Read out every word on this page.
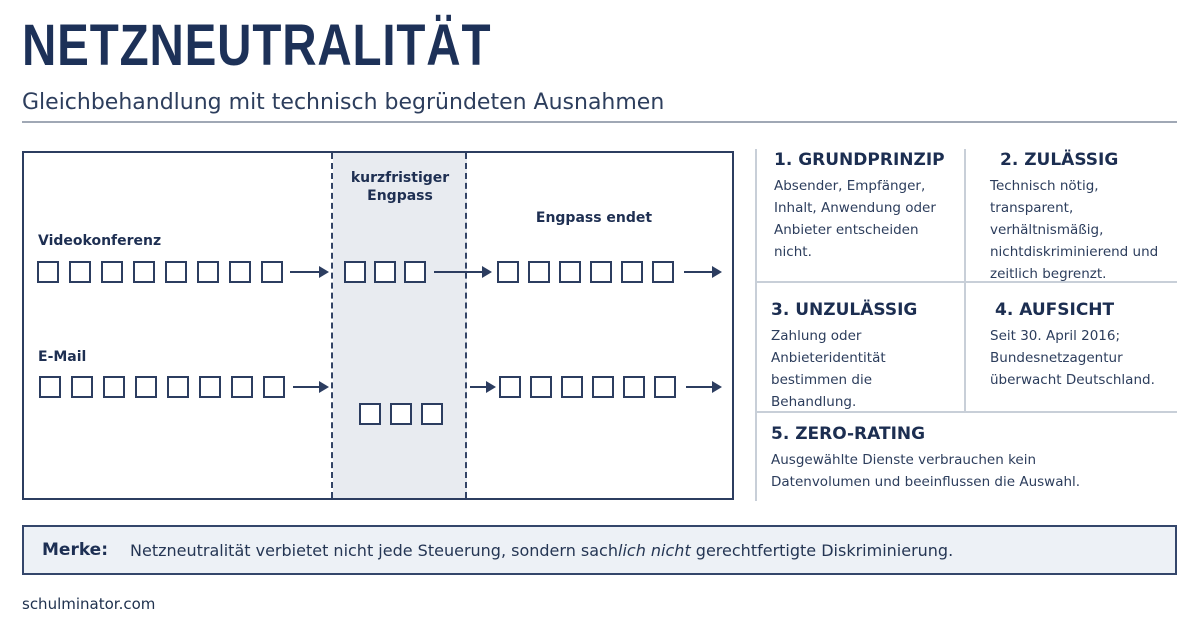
NETZNEUTRALITÄT
Gleichbehandlung mit technisch begründeten Ausnahmen
kurzfristiger
Engpass
Engpass endet
Videokonferenz
E-Mail
1. GRUNDPRINZIP
Absender, Empfänger,
Inhalt, Anwendung oder
Anbieter entscheiden nicht.
2. ZULÄSSIG
Technisch nötig, transparent,
verhältnismäßig,
nichtdiskriminierend und
zeitlich begrenzt.
3. UNZULÄSSIG
Zahlung oder
Anbieteridentität
bestimmen die Behandlung.
4. AUFSICHT
Seit 30. April 2016;
Bundesnetzagentur
überwacht Deutschland.
5. ZERO-RATING
Ausgewählte Dienste verbrauchen kein
Datenvolumen und beeinflussen die Auswahl.
Merke: Netzneutralität verbietet nicht jede Steuerung, sondern sachlich nicht gerechtfertigte Diskriminierung.
schulminator.com
